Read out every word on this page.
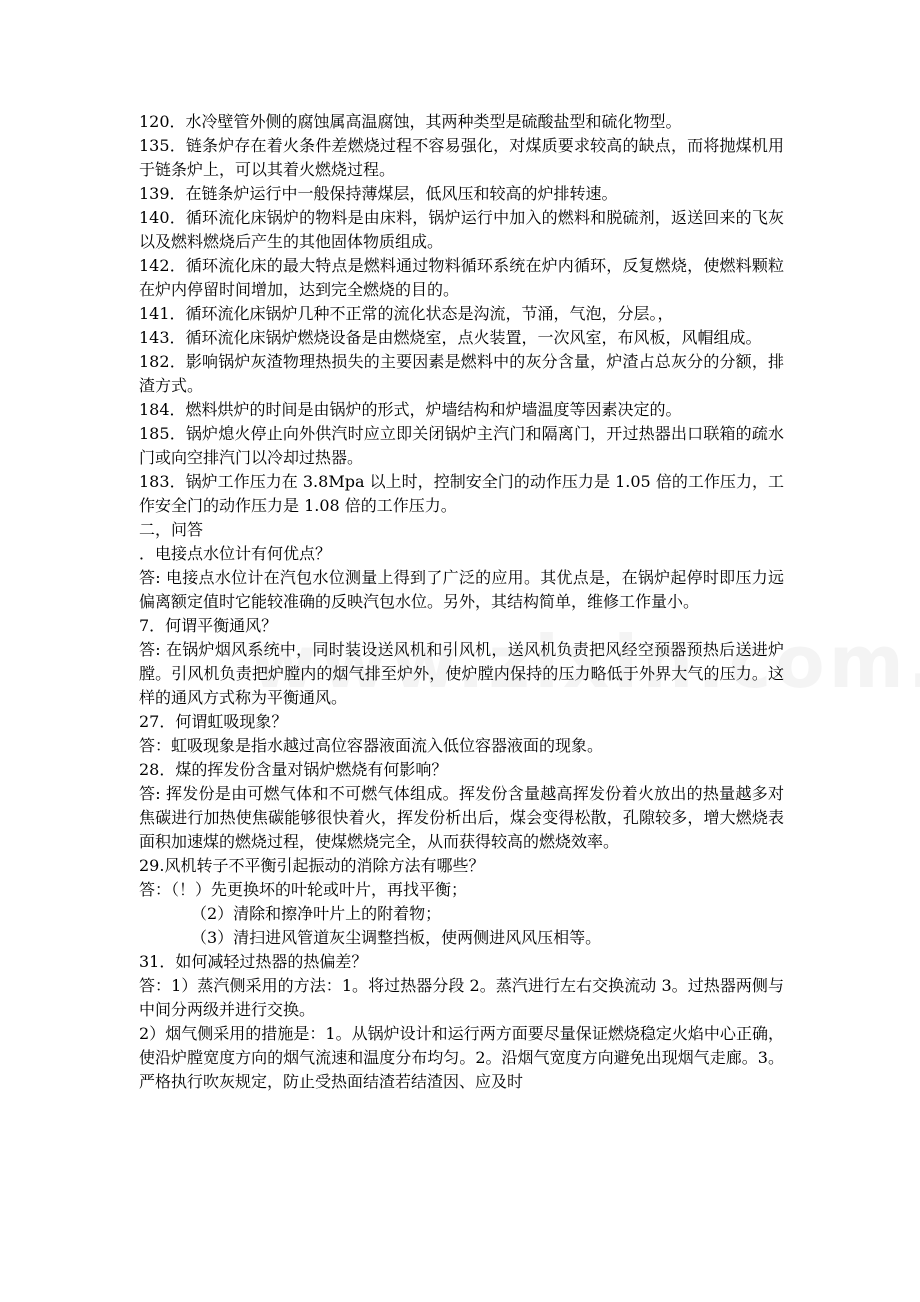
120．水冷壁管外侧的腐蚀属高温腐蚀，其两种类型是硫酸盐型和硫化物型。

135．链条炉存在着火条件差燃烧过程不容易强化，对煤质要求较高的缺点，而将抛煤机用于链条炉上，可以其着火燃烧过程。

139．在链条炉运行中一般保持薄煤层，低风压和较高的炉排转速。

140．循环流化床锅炉的物料是由床料，锅炉运行中加入的燃料和脱硫剂，返送回来的飞灰以及燃料燃烧后产生的其他固体物质组成。

142．循环流化床的最大特点是燃料通过物料循环系统在炉内循环，反复燃烧，使燃料颗粒在炉内停留时间增加，达到完全燃烧的目的。

141．循环流化床锅炉几种不正常的流化状态是沟流，节涌，气泡，分层。，

143．循环流化床锅炉燃烧设备是由燃烧室，点火装置，一次风室，布风板，风帽组成。

182．影响锅炉灰渣物理热损失的主要因素是燃料中的灰分含量，炉渣占总灰分的分额，排渣方式。

184．燃料烘炉的时间是由锅炉的形式，炉墙结构和炉墙温度等因素决定的。

185．锅炉熄火停止向外供汽时应立即关闭锅炉主汽门和隔离门，开过热器出口联箱的疏水门或向空排汽门以冷却过热器。

183．锅炉工作压力在 3.8Mpa 以上时，控制安全门的动作压力是 1.05 倍的工作压力，工作安全门的动作压力是 1.08 倍的工作压力。

二，问答

．电接点水位计有何优点？

答: 电接点水位计在汽包水位测量上得到了广泛的应用。其优点是，在锅炉起停时即压力远偏离额定值时它能较准确的反映汽包水位。另外，其结构简单，维修工作量小。

7．何谓平衡通风？

答: 在锅炉烟风系统中，同时装设送风机和引风机，送风机负责把风经空预器预热后送进炉膛。引风机负责把炉膛内的烟气排至炉外，使炉膛内保持的压力略低于外界大气的压力。这样的通风方式称为平衡通风。

27．何谓虹吸现象？

答：虹吸现象是指水越过高位容器液面流入低位容器液面的现象。

28．煤的挥发份含量对锅炉燃烧有何影响？

答: 挥发份是由可燃气体和不可燃气体组成。挥发份含量越高挥发份着火放出的热量越多对焦碳进行加热使焦碳能够很快着火，挥发份析出后，煤会变得松散，孔隙较多，增大燃烧表面积加速煤的燃烧过程，使煤燃烧完全，从而获得较高的燃烧效率。

29.风机转子不平衡引起振动的消除方法有哪些？

答：（！）先更换坏的叶轮或叶片，再找平衡；

（2）清除和擦净叶片上的附着物；

（3）清扫进风管道灰尘调整挡板，使两侧进风风压相等。

31．如何减轻过热器的热偏差？

答：1）蒸汽侧采用的方法：1。将过热器分段 2。蒸汽进行左右交换流动 3。过热器两侧与中间分两级并进行交换。

2）烟气侧采用的措施是：1。从锅炉设计和运行两方面要尽量保证燃烧稳定火焰中心正确，使沿炉膛宽度方向的烟气流速和温度分布均匀。2。沿烟气宽度方向避免出现烟气走廊。3。严格执行吹灰规定，防止受热面结渣若结渣因、应及时
